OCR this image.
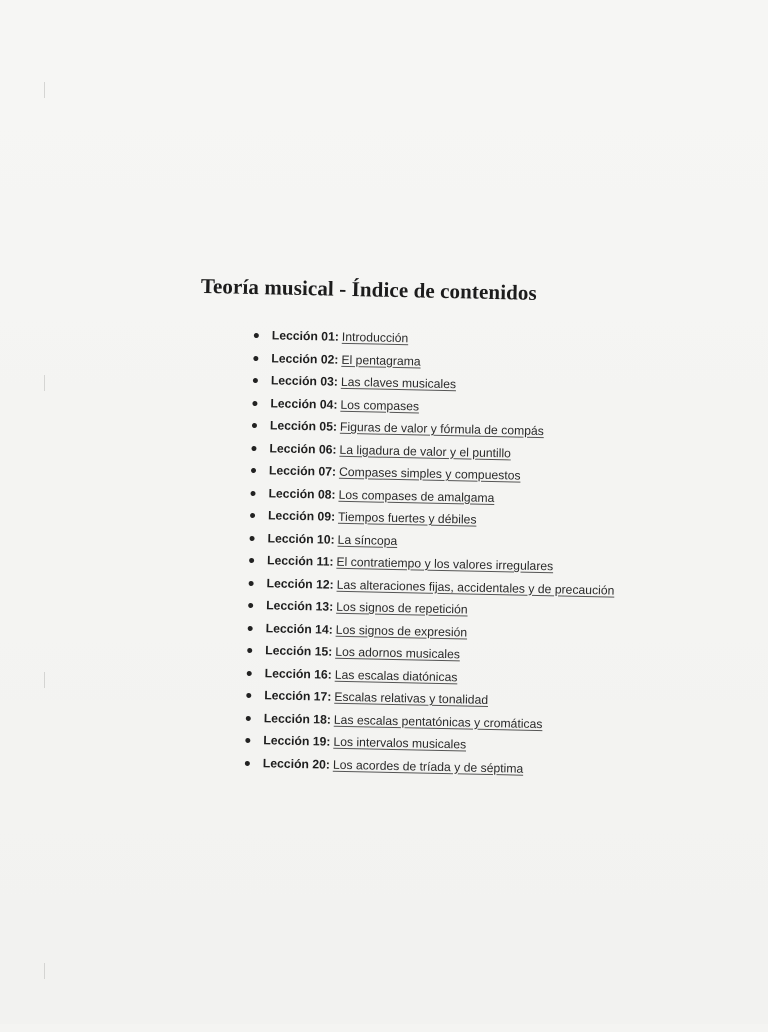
Teoría musical - Índice de contenidos
Lección 01: Introducción
Lección 02: El pentagrama
Lección 03: Las claves musicales
Lección 04: Los compases
Lección 05: Figuras de valor y fórmula de compás
Lección 06: La ligadura de valor y el puntillo
Lección 07: Compases simples y compuestos
Lección 08: Los compases de amalgama
Lección 09: Tiempos fuertes y débiles
Lección 10: La síncopa
Lección 11: El contratiempo y los valores irregulares
Lección 12: Las alteraciones fijas, accidentales y de precaución
Lección 13: Los signos de repetición
Lección 14: Los signos de expresión
Lección 15: Los adornos musicales
Lección 16: Las escalas diatónicas
Lección 17: Escalas relativas y tonalidad
Lección 18: Las escalas pentatónicas y cromáticas
Lección 19: Los intervalos musicales
Lección 20: Los acordes de tríada y de séptima
